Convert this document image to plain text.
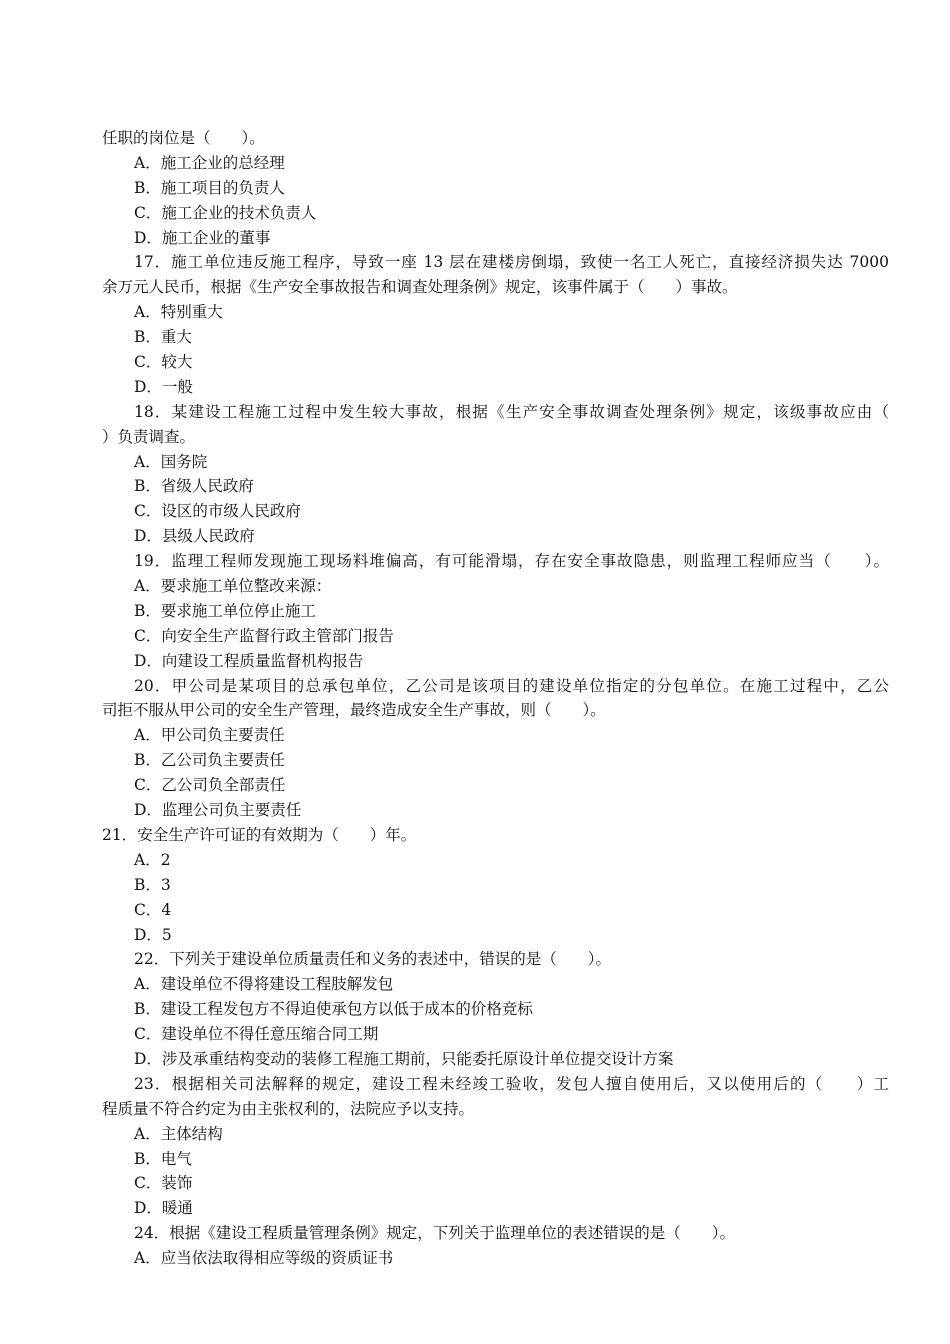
任职的岗位是（　　）。
A．施工企业的总经理
B．施工项目的负责人
C．施工企业的技术负责人
D．施工企业的董事
17．施工单位违反施工程序，导致一座 13 层在建楼房倒塌，致使一名工人死亡，直接经济损失达 7000
余万元人民币，根据《生产安全事故报告和调查处理条例》规定，该事件属于（　　）事故。
A．特别重大
B．重大
C．较大
D．一般
18．某建设工程施工过程中发生较大事故，根据《生产安全事故调查处理条例》规定，该级事故应由（
）负责调查。
A．国务院
B．省级人民政府
C．设区的市级人民政府
D．县级人民政府
19．监理工程师发现施工现场料堆偏高，有可能滑塌，存在安全事故隐患，则监理工程师应当（　　）。
A．要求施工单位整改来源：
B．要求施工单位停止施工
C．向安全生产监督行政主管部门报告
D．向建设工程质量监督机构报告
20．甲公司是某项目的总承包单位，乙公司是该项目的建设单位指定的分包单位。在施工过程中，乙公
司拒不服从甲公司的安全生产管理，最终造成安全生产事故，则（　　）。
A．甲公司负主要责任
B．乙公司负主要责任
C．乙公司负全部责任
D．监理公司负主要责任
21．安全生产许可证的有效期为（　　）年。
A．2
B．3
C．4
D．5
22．下列关于建设单位质量责任和义务的表述中，错误的是（　　）。
A．建设单位不得将建设工程肢解发包
B．建设工程发包方不得迫使承包方以低于成本的价格竞标
C．建设单位不得任意压缩合同工期
D．涉及承重结构变动的装修工程施工期前，只能委托原设计单位提交设计方案
23．根据相关司法解释的规定，建设工程未经竣工验收，发包人擅自使用后，又以使用后的（　　）工
程质量不符合约定为由主张权利的，法院应予以支持。
A．主体结构
B．电气
C．装饰
D．暖通
24．根据《建设工程质量管理条例》规定，下列关于监理单位的表述错误的是（　　）。
A．应当依法取得相应等级的资质证书
